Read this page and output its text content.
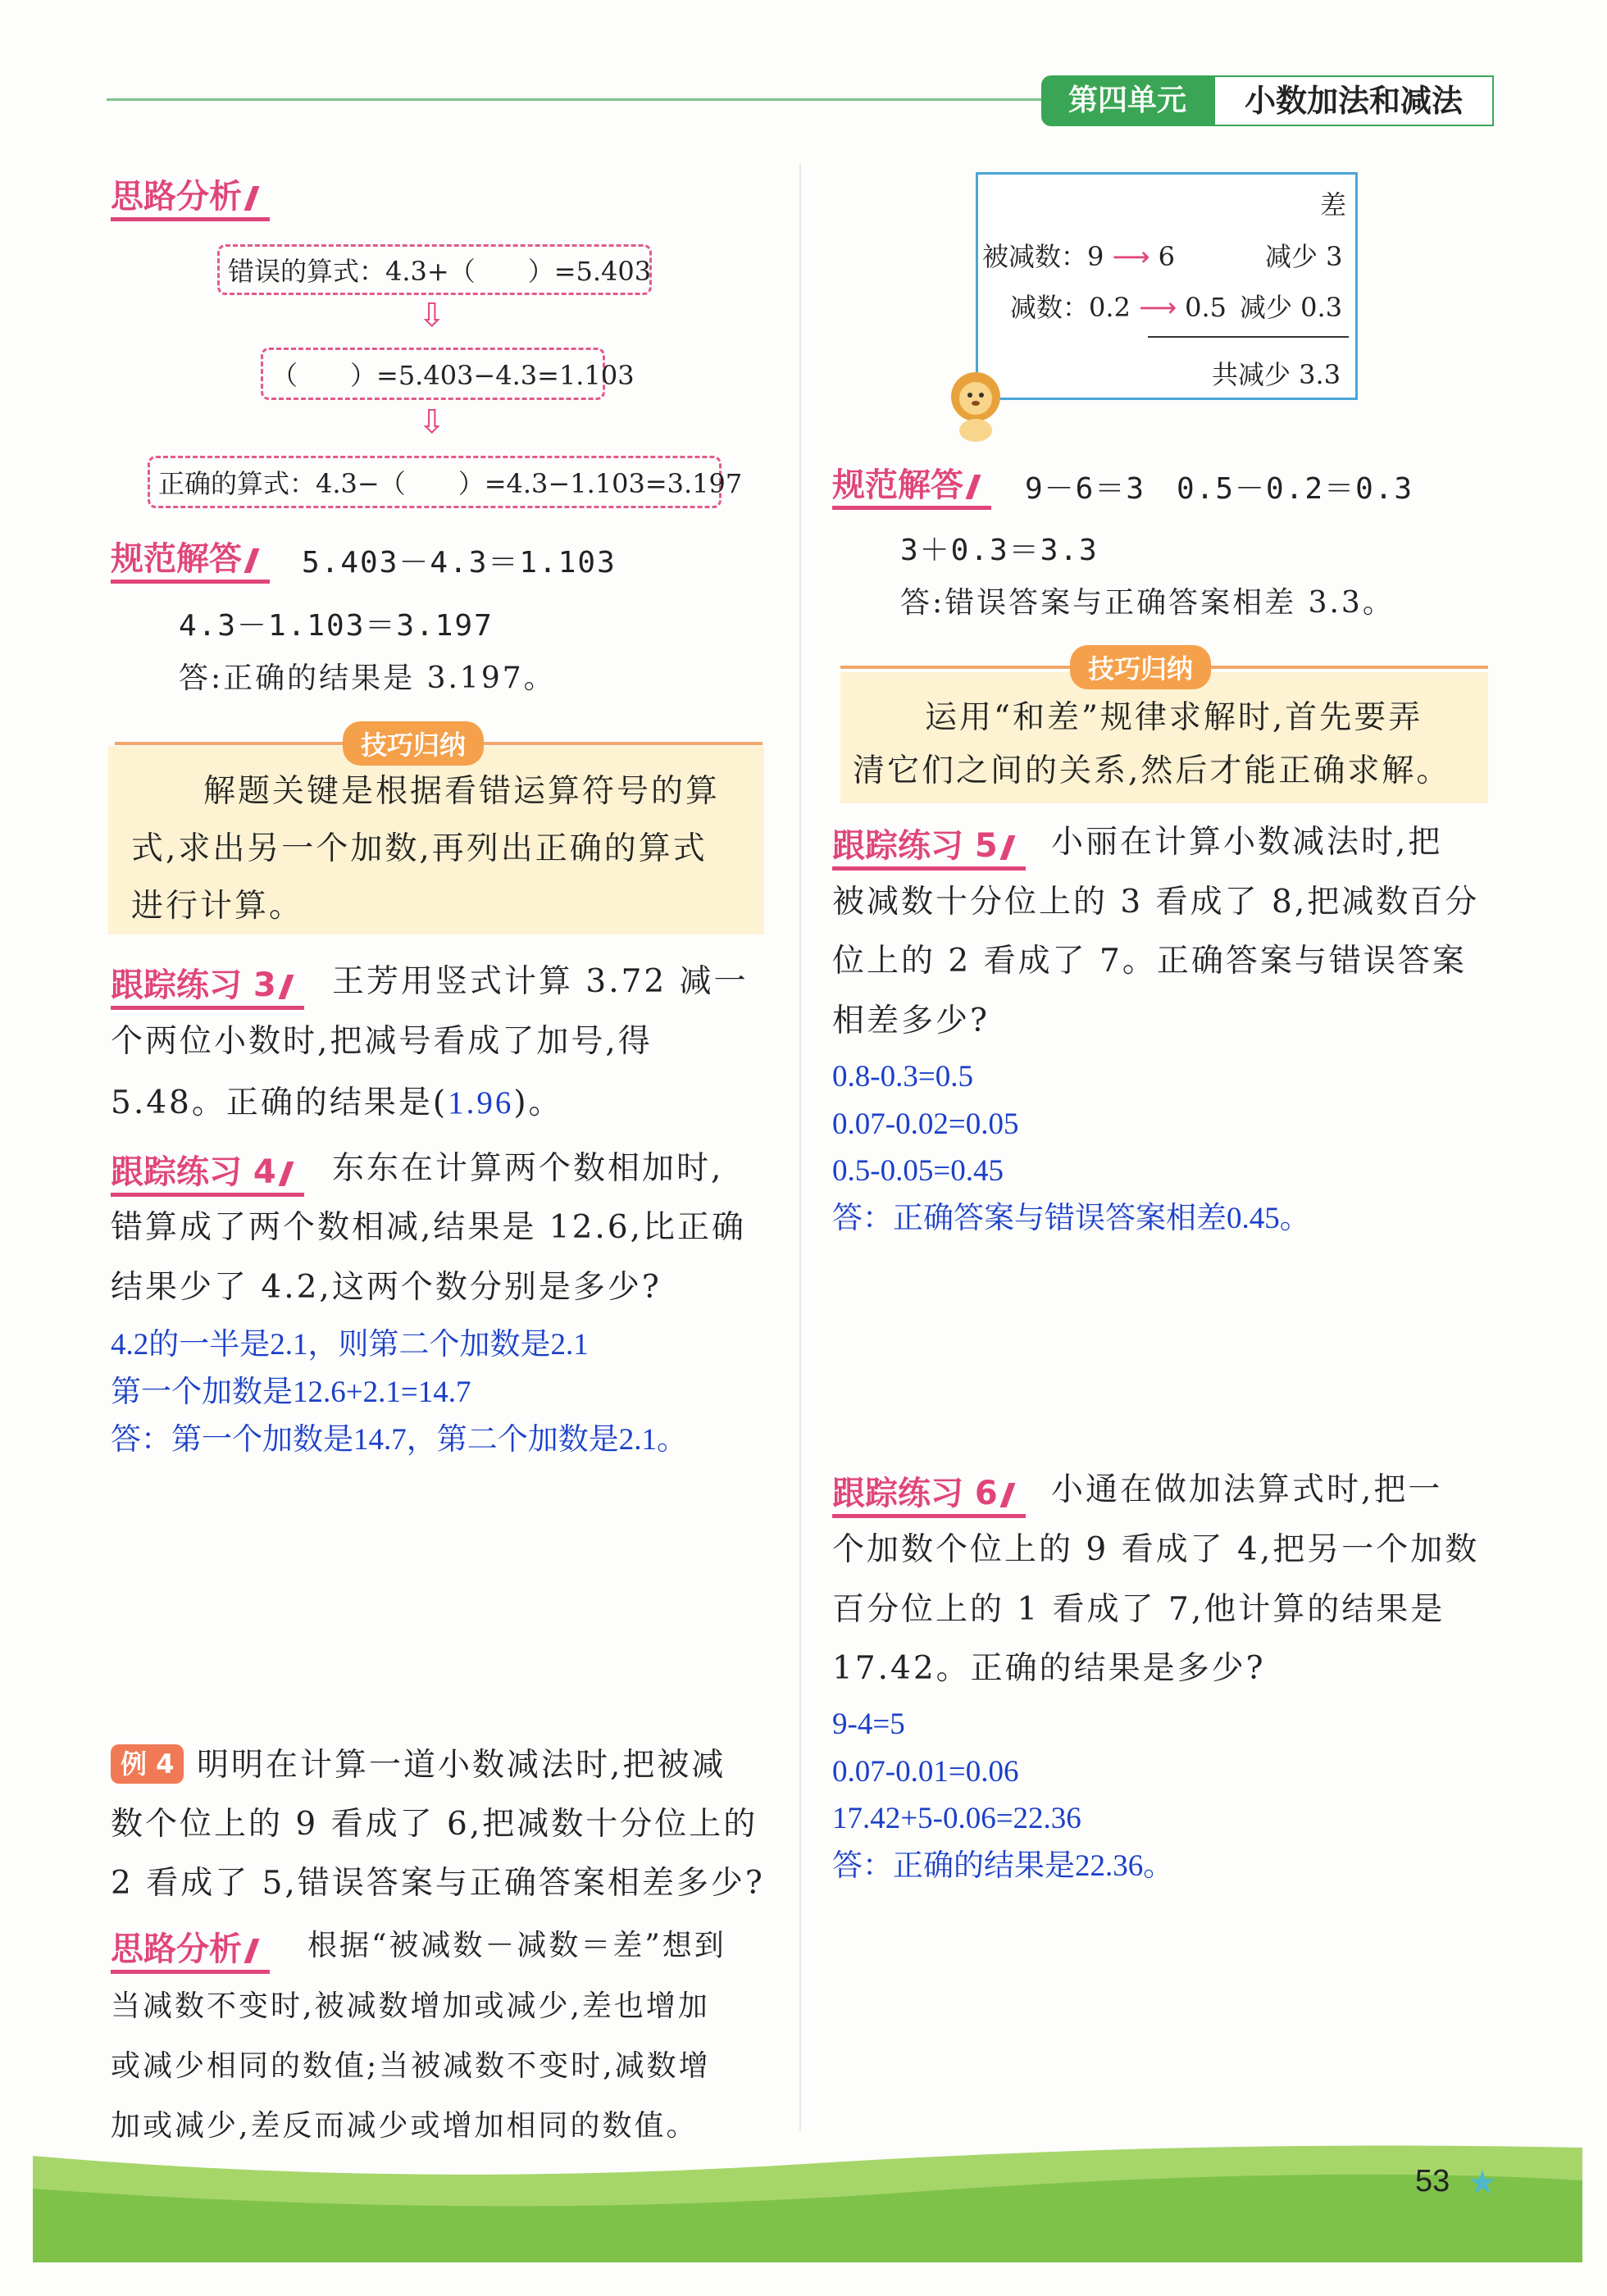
第四单元	小数加法和减法
思路分析
错误的算式：4.3+（　　）=5.403
⇩
（　　）=5.403−4.3=1.103
⇩
正确的算式：4.3−（　　）=4.3−1.103=3.197
规范解答	5.403－4.3＝1.103
4.3－1.103＝3.197
答:正确的结果是 3.197。
技巧归纳
解题关键是根据看错运算符号的算
式,求出另一个加数,再列出正确的算式
进行计算。
跟踪练习 3	王芳用竖式计算 3.72 减一
个两位小数时,把减号看成了加号,得
5.48。正确的结果是(1.96)。
跟踪练习 4	东东在计算两个数相加时,
错算成了两个数相减,结果是 12.6,比正确
结果少了 4.2,这两个数分别是多少?
4.2的一半是2.1，则第二个加数是2.1
第一个加数是12.6+2.1=14.7
答：第一个加数是14.7，第二个加数是2.1。
例 4 明明在计算一道小数减法时,把被减
数个位上的 9 看成了 6,把减数十分位上的
2 看成了 5,错误答案与正确答案相差多少?
思路分析	根据“被减数－减数＝差”想到
当减数不变时,被减数增加或减少,差也增加
或减少相同的数值;当被减数不变时,减数增
加或减少,差反而减少或增加相同的数值。
差
被减数：9 ⟶ 6	减少 3
减数：0.2 ⟶ 0.5 减少 0.3
共减少 3.3
规范解答	9－6＝3　0.5－0.2＝0.3
3＋0.3＝3.3
答:错误答案与正确答案相差 3.3。
技巧归纳
运用“和差”规律求解时,首先要弄
清它们之间的关系,然后才能正确求解。
跟踪练习 5	小丽在计算小数减法时,把
被减数十分位上的 3 看成了 8,把减数百分
位上的 2 看成了 7。正确答案与错误答案
相差多少?
0.8-0.3=0.5
0.07-0.02=0.05
0.5-0.05=0.45
答：正确答案与错误答案相差0.45。
跟踪练习 6	小通在做加法算式时,把一
个加数个位上的 9 看成了 4,把另一个加数
百分位上的 1 看成了 7,他计算的结果是
17.42。正确的结果是多少?
9-4=5
0.07-0.01=0.06
17.42+5-0.06=22.36
答：正确的结果是22.36。
53 ★
